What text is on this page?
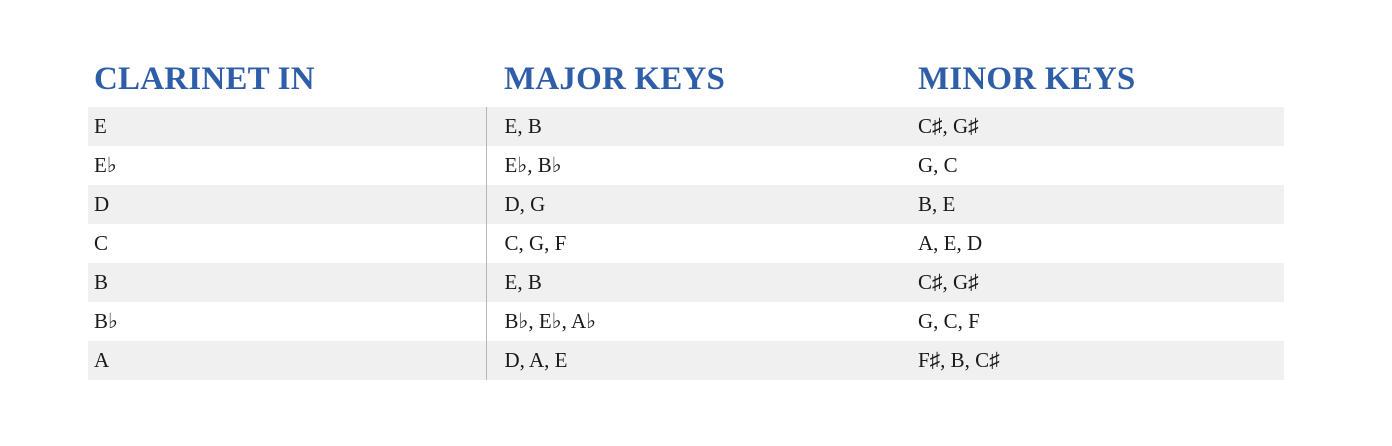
CLARINET IN	MAJOR KEYS	MINOR KEYS
E	E, B	C♯, G♯
E♭	E♭, B♭	G, C
D	D, G	B, E
C	C, G, F	A, E, D
B	E, B	C♯, G♯
B♭	B♭, E♭, A♭	G, C, F
A	D, A, E	F♯, B, C♯
